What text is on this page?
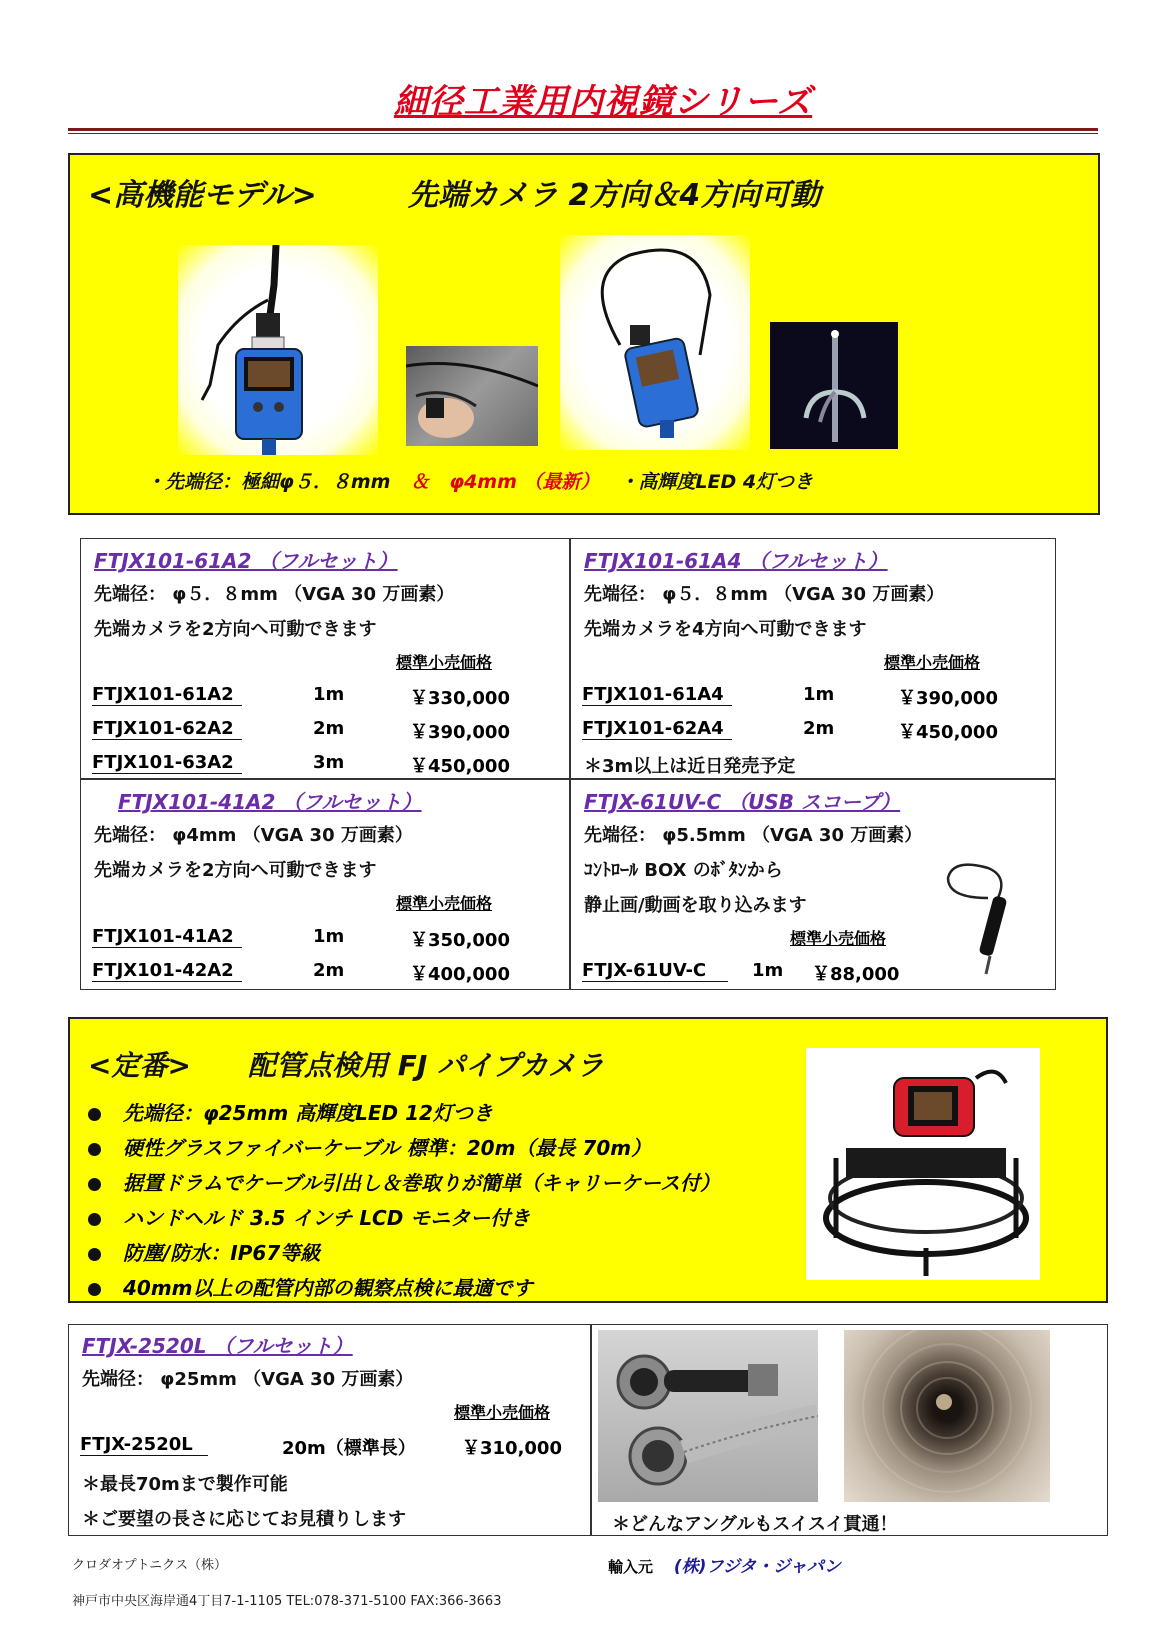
細径工業用内視鏡シリーズ
<高機能モデル>	先端カメラ 2方向＆4方向可動
・先端径：極細φ５．８mm ＆ φ4mm （最新） ・高輝度LED 4灯つき
FTJX101-61A2 （フルセット）
先端径： φ５．８mm （VGA 30 万画素）
先端カメラを2方向へ可動できます
標準小売価格
FTJX101-61A2	1m	￥330,000
FTJX101-62A2	2m	￥390,000
FTJX101-63A2	3m	￥450,000
FTJX101-61A4 （フルセット）
先端径： φ５．８mm （VGA 30 万画素）
先端カメラを4方向へ可動できます
標準小売価格
FTJX101-61A4	1m	￥390,000
FTJX101-62A4	2m	￥450,000
＊3m以上は近日発売予定
FTJX101-41A2 （フルセット）
先端径： φ4mm （VGA 30 万画素）
先端カメラを2方向へ可動できます
標準小売価格
FTJX101-41A2	1m	￥350,000
FTJX101-42A2	2m	￥400,000
FTJX-61UV-C （USB スコープ）
先端径： φ5.5mm （VGA 30 万画素）
ｺﾝﾄﾛｰﾙ BOX のﾎﾞﾀﾝから
静止画/動画を取り込みます
標準小売価格
FTJX-61UV-C	1m ￥88,000
<定番> 配管点検用 FJ パイプカメラ
先端径：φ25mm 高輝度LED 12灯つき
硬性グラスファイバーケーブル 標準：20m（最長 70m）
据置ドラムでケーブル引出し＆巻取りが簡単（キャリーケース付）
ハンドヘルド 3.5 インチ LCD モニター付き
防塵/防水：IP67等級
40mm以上の配管内部の観察点検に最適です
FTJX-2520L （フルセット）
先端径： φ25mm （VGA 30 万画素）
標準小売価格
FTJX-2520L	20m（標準長）	￥310,000
＊最長70mまで製作可能
＊ご要望の長さに応じてお見積りします	＊どんなアングルもスイスイ貫通！
クロダオプトニクス（株）
神戸市中央区海岸通4丁目7-1-1105 TEL:078-371-5100 FAX:366-3663
輸入元 (株)フジタ・ジャパン
